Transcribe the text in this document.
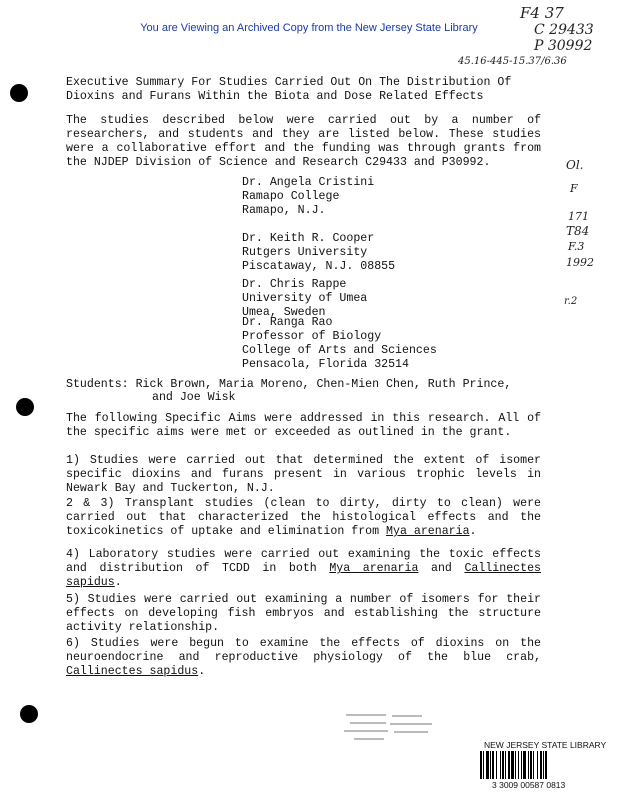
You are Viewing an Archived Copy from the New Jersey State Library
F4 37
C 29433
P 30992
45.16-445-15.37/6.36
Ol.
F
171
T84
F.3
1992
r.2
Executive Summary For Studies Carried Out On The Distribution Of
Dioxins and Furans Within the Biota and Dose Related Effects
The studies described below were carried out by a number of researchers, and students and they are listed below. These studies were a collaborative effort and the funding was through grants from the NJDEP Division of Science and Research C29433 and P30992.
Dr. Angela Cristini
Ramapo College
Ramapo, N.J.
Dr. Keith R. Cooper
Rutgers University
Piscataway, N.J. 08855
Dr. Chris Rappe
University of Umea
Umea, Sweden
Dr. Ranga Rao
Professor of Biology
College of Arts and Sciences
Pensacola, Florida 32514
Students: Rick Brown, Maria Moreno, Chen-Mien Chen, Ruth Prince,
and Joe Wisk
The following Specific Aims were addressed in this research. All of the specific aims were met or exceeded as outlined in the grant.
1) Studies were carried out that determined the extent of isomer specific dioxins and furans present in various trophic levels in Newark Bay and Tuckerton, N.J.
2 & 3) Transplant studies (clean to dirty, dirty to clean) were carried out that characterized the histological effects and the toxicokinetics of uptake and elimination from Mya arenaria.
4) Laboratory studies were carried out examining the toxic effects and distribution of TCDD in both Mya arenaria and Callinectes sapidus.
5) Studies were carried out examining a number of isomers for their effects on developing fish embryos and establishing the structure activity relationship.
6) Studies were begun to examine the effects of dioxins on the neuroendocrine and reproductive physiology of the blue crab, Callinectes sapidus.
NEW JERSEY STATE LIBRARY
3 3009 00587 0813
